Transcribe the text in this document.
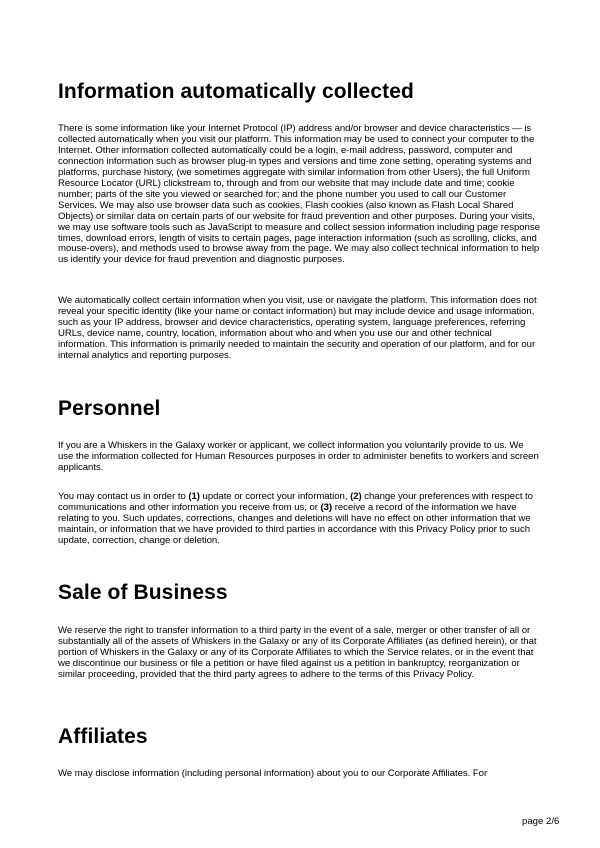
Information automatically collected

There is some information like your Internet Protocol (IP) address and/or browser and device characteristics — is collected automatically when you visit our platform. This information may be used to connect your computer to the Internet. Other information collected automatically could be a login, e-mail address, password, computer and connection information such as browser plug-in types and versions and time zone setting, operating systems and platforms, purchase history, (we sometimes aggregate with similar information from other Users), the full Uniform Resource Locator (URL) clickstream to, through and from our website that may include date and time; cookie number; parts of the site you viewed or searched for; and the phone number you used to call our Customer Services. We may also use browser data such as cookies, Flash cookies (also known as Flash Local Shared Objects) or similar data on certain parts of our website for fraud prevention and other purposes. During your visits, we may use software tools such as JavaScript to measure and collect session information including page response times, download errors, length of visits to certain pages, page interaction information (such as scrolling, clicks, and mouse-overs), and methods used to browse away from the page. We may also collect technical information to help us identify your device for fraud prevention and diagnostic purposes.

We automatically collect certain information when you visit, use or navigate the platform. This information does not reveal your specific identity (like your name or contact information) but may include device and usage information, such as your IP address, browser and device characteristics, operating system, language preferences, referring URLs, device name, country, location, information about who and when you use our and other technical information. This information is primarily needed to maintain the security and operation of our platform, and for our internal analytics and reporting purposes.

Personnel

If you are a Whiskers in the Galaxy worker or applicant, we collect information you voluntarily provide to us. We use the information collected for Human Resources purposes in order to administer benefits to workers and screen applicants.

You may contact us in order to (1) update or correct your information, (2) change your preferences with respect to communications and other information you receive from us, or (3) receive a record of the information we have relating to you. Such updates, corrections, changes and deletions will have no effect on other information that we maintain, or information that we have provided to third parties in accordance with this Privacy Policy prior to such update, correction, change or deletion.

Sale of Business

We reserve the right to transfer information to a third party in the event of a sale, merger or other transfer of all or substantially all of the assets of Whiskers in the Galaxy or any of its Corporate Affiliates (as defined herein), or that portion of Whiskers in the Galaxy or any of its Corporate Affiliates to which the Service relates, or in the event that we discontinue our business or file a petition or have filed against us a petition in bankruptcy, reorganization or similar proceeding, provided that the third party agrees to adhere to the terms of this Privacy Policy.

Affiliates

We may disclose information (including personal information) about you to our Corporate Affiliates. For

page 2/6
